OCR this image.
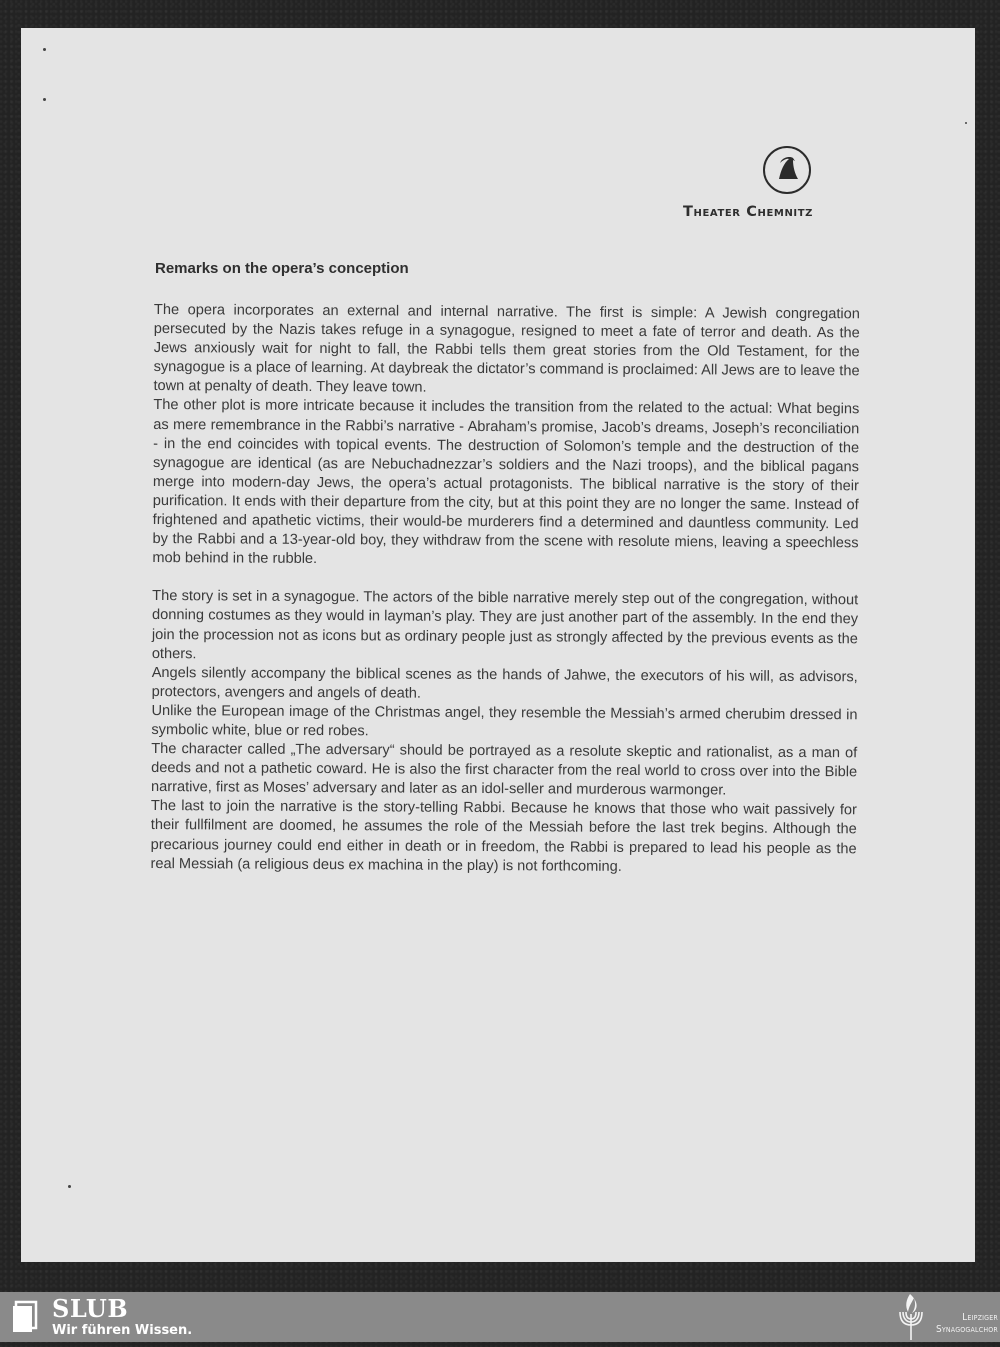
Theater Chemnitz
Remarks on the opera’s conception

The opera incorporates an external and internal narrative. The first is simple: A Jewish congregation persecuted by the Nazis takes refuge in a synagogue, resigned to meet a fate of terror and death. As the Jews anxiously wait for night to fall, the Rabbi tells them great stories from the Old Testament, for the synagogue is a place of learning. At daybreak the dictator’s command is proclaimed: All Jews are to leave the town at penalty of death. They leave town.

The other plot is more intricate because it includes the transition from the related to the actual: What begins as mere remembrance in the Rabbi’s narrative - Abraham’s promise, Jacob’s dreams, Joseph’s reconciliation - in the end coincides with topical events. The destruction of Solomon’s temple and the destruction of the synagogue are identical (as are Nebuchadnezzar’s soldiers and the Nazi troops), and the biblical pagans merge into modern-day Jews, the opera’s actual protagonists. The biblical narrative is the story of their purification. It ends with their departure from the city, but at this point they are no longer the same. Instead of frightened and apathetic victims, their would-be murderers find a determined and dauntless community. Led by the Rabbi and a 13-year-old boy, they withdraw from the scene with resolute miens, leaving a speechless mob behind in the rubble.

The story is set in a synagogue. The actors of the bible narrative merely step out of the congregation, without donning costumes as they would in layman’s play. They are just another part of the assembly. In the end they join the procession not as icons but as ordinary people just as strongly affected by the previous events as the others.

Angels silently accompany the biblical scenes as the hands of Jahwe, the executors of his will, as advisors, protectors, avengers and angels of death.

Unlike the European image of the Christmas angel, they resemble the Messiah’s armed cherubim dressed in symbolic white, blue or red robes.

The character called „The adversary“ should be portrayed as a resolute skeptic and rationalist, as a man of deeds and not a pathetic coward. He is also the first character from the real world to cross over into the Bible narrative, first as Moses’ adversary and later as an idol-seller and murderous warmonger.

The last to join the narrative is the story-telling Rabbi. Because he knows that those who wait passively for their fullfilment are doomed, he assumes the role of the Messiah before the last trek begins. Although the precarious journey could end either in death or in freedom, the Rabbi is prepared to lead his people as the real Messiah (a religious deus ex machina in the play) is not forthcoming.

SLUB
Wir führen Wissen.
Leipziger
Synagogalchor
